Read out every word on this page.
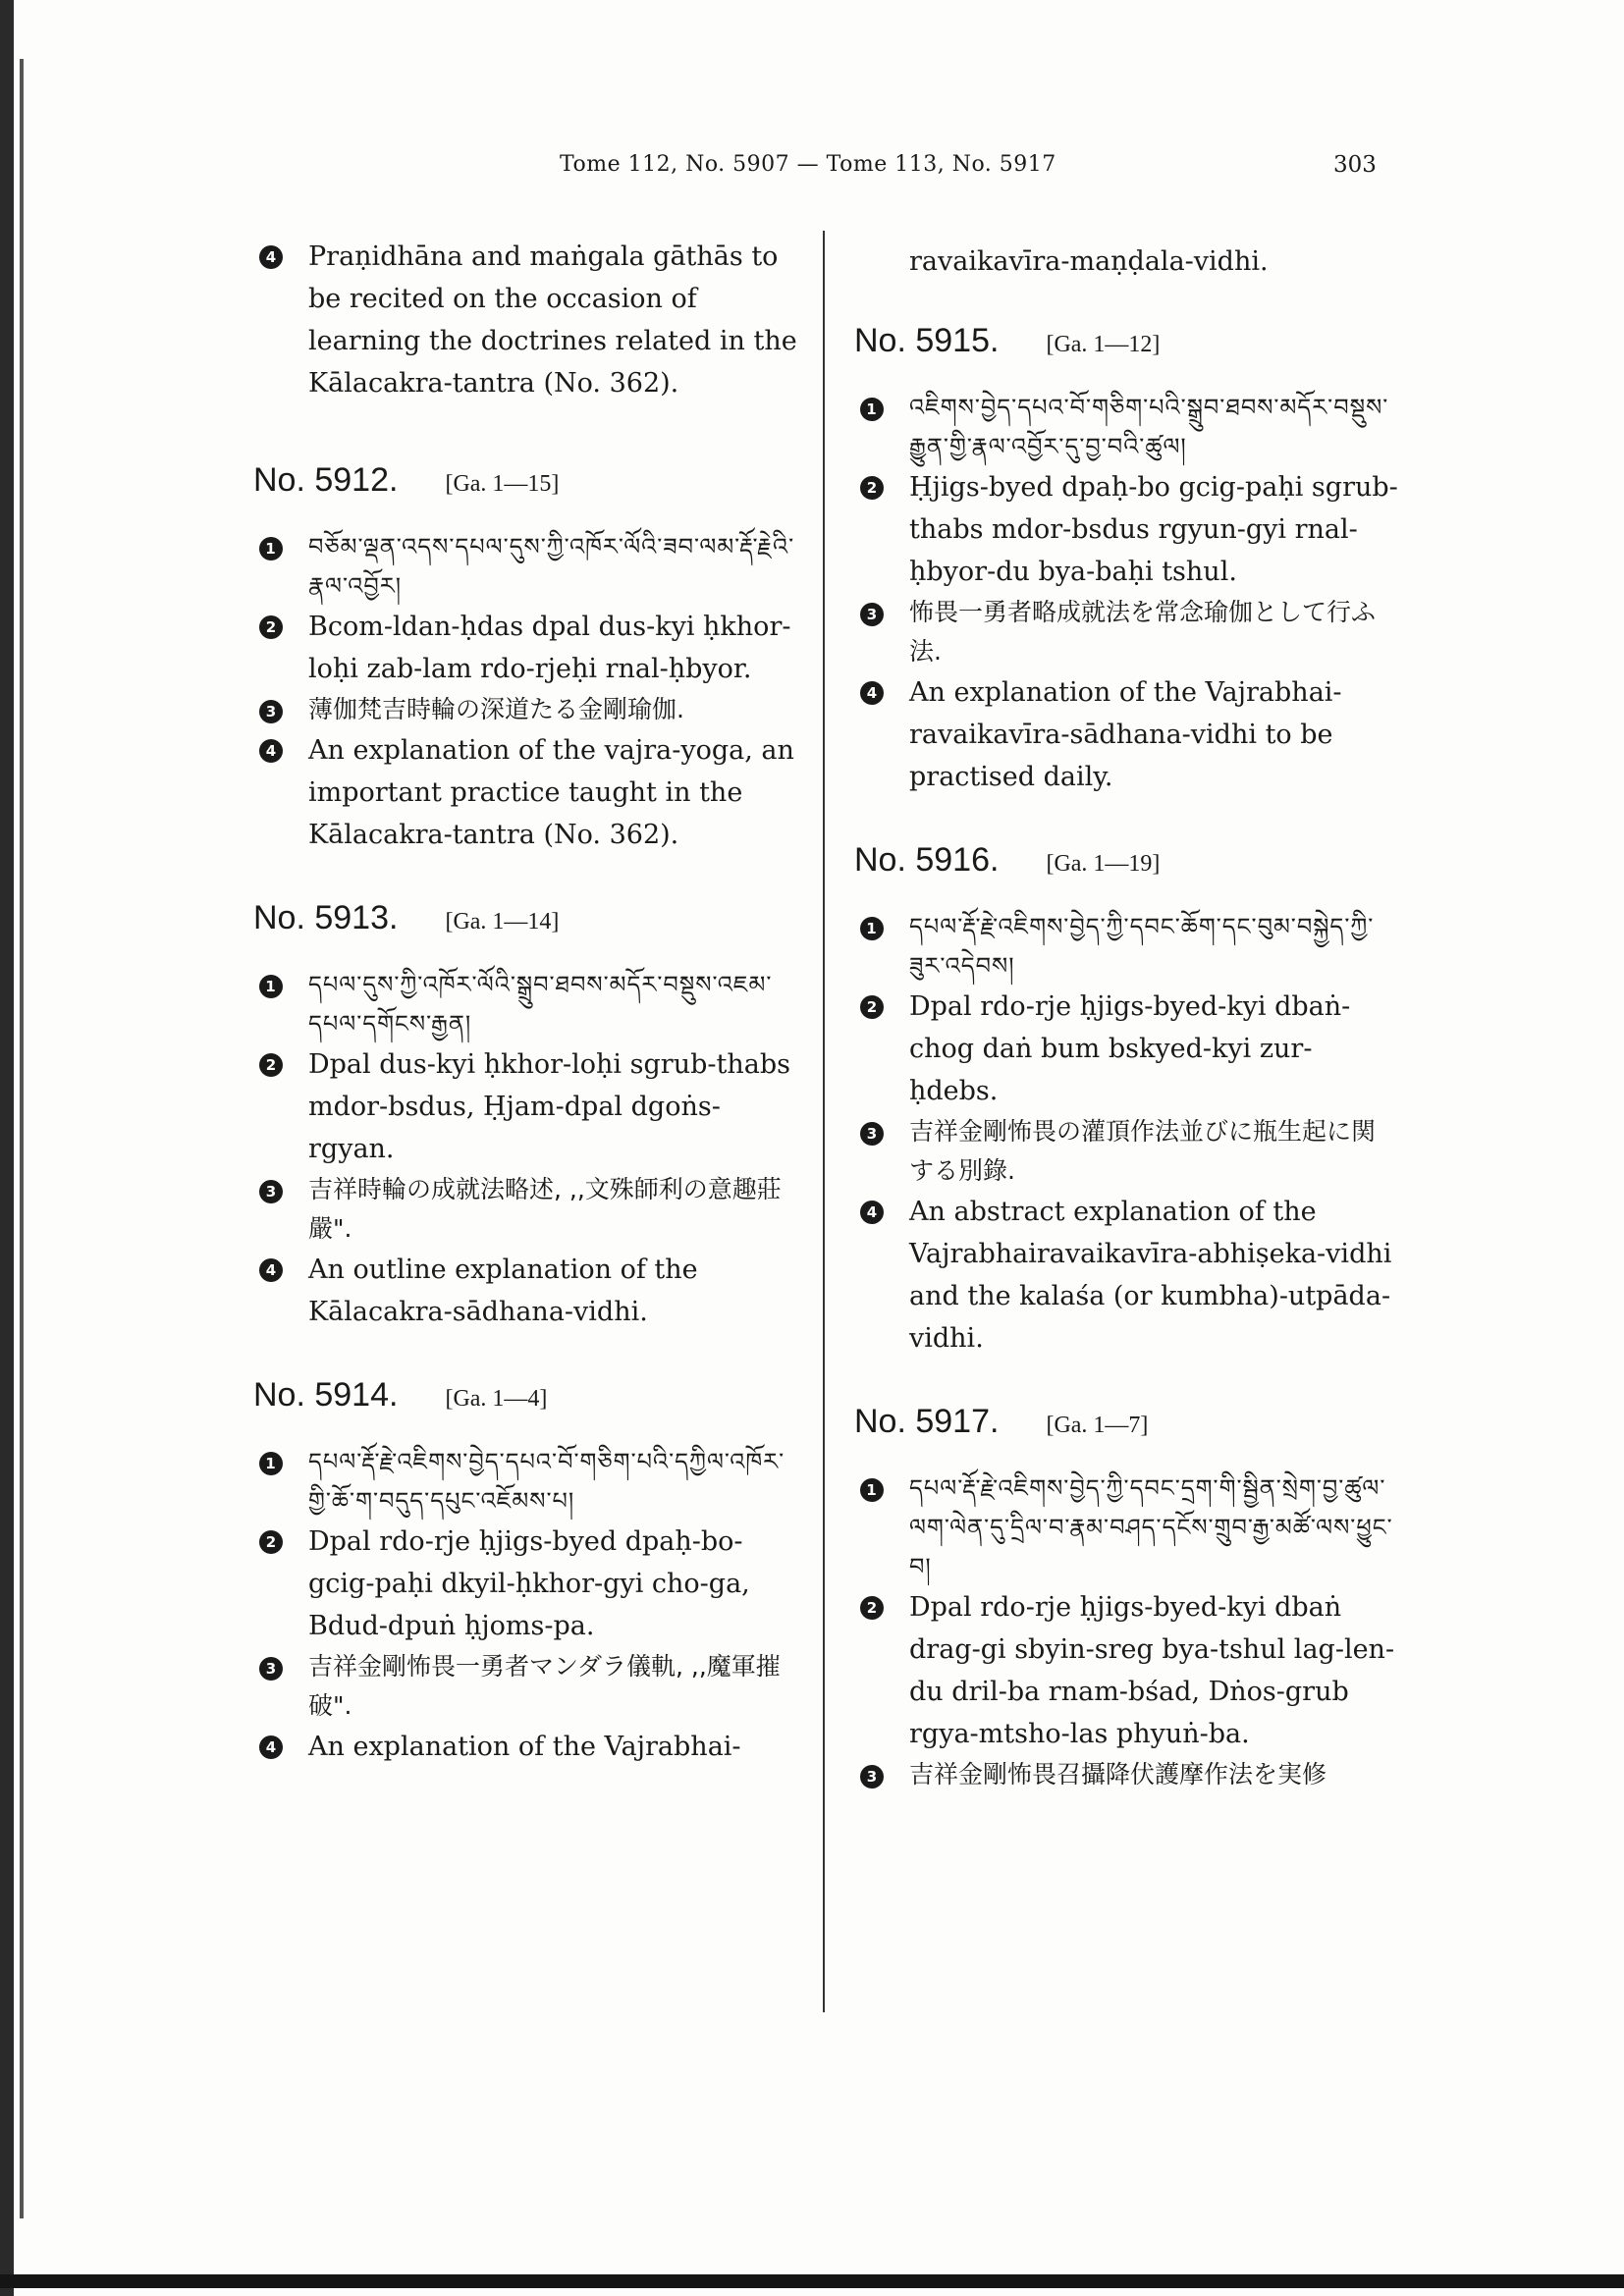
Tome 112, No. 5907 — Tome 113, No. 5917	303

4 Praṇidhāna and maṅgala gāthās to be recited on the occasion of learning the doctrines related in the Kālacakra-tantra (No. 362).

No. 5912. [Ga. 1—15]

1 བཅོམ་ལྡན་འདས་དཔལ་དུས་ཀྱི་འཁོར་ལོའི་ཟབ་ལམ་རྡོ་རྗེའི་རྣལ་འབྱོར།

2 Bcom-ldan-ḥdas dpal dus-kyi ḥkhor-loḥi zab-lam rdo-rjeḥi rnal-ḥbyor.

3 薄伽梵吉時輪の深道たる金剛瑜伽.

4 An explanation of the vajra-yoga, an important practice taught in the Kālacakra-tantra (No. 362).

No. 5913. [Ga. 1—14]

1 དཔལ་དུས་ཀྱི་འཁོར་ལོའི་སྒྲུབ་ཐབས་མདོར་བསྡུས་འཇམ་དཔལ་དགོངས་རྒྱན།

2 Dpal dus-kyi ḥkhor-loḥi sgrub-thabs mdor-bsdus, Ḥjam-dpal dgoṅs-rgyan.

3 吉祥時輪の成就法略述, ,,文殊師利の意趣莊嚴".

4 An outline explanation of the Kālacakra-sādhana-vidhi.

No. 5914. [Ga. 1—4]

1 དཔལ་རྡོ་རྗེ་འཇིགས་བྱེད་དཔའ་བོ་གཅིག་པའི་དཀྱིལ་འཁོར་གྱི་ཆོ་ག་བདུད་དཔུང་འཇོམས་པ།

2 Dpal rdo-rje ḥjigs-byed dpaḥ-bo-gcig-paḥi dkyil-ḥkhor-gyi cho-ga, Bdud-dpuṅ ḥjoms-pa.

3 吉祥金剛怖畏一勇者マンダラ儀軌, ,,魔軍摧破".

4 An explanation of the Vajrabhai-

ravaikavīra-maṇḍala-vidhi.

No. 5915. [Ga. 1—12]

1 འཇིགས་བྱེད་དཔའ་བོ་གཅིག་པའི་སྒྲུབ་ཐབས་མདོར་བསྡུས་རྒྱུན་གྱི་རྣལ་འབྱོར་དུ་བྱ་བའི་ཚུལ།

2 Ḥjigs-byed dpaḥ-bo gcig-paḥi sgrub-thabs mdor-bsdus rgyun-gyi rnal-ḥbyor-du bya-baḥi tshul.

3 怖畏一勇者略成就法を常念瑜伽として行ふ法.

4 An explanation of the Vajrabhai-ravaikavīra-sādhana-vidhi to be practised daily.

No. 5916. [Ga. 1—19]

1 དཔལ་རྡོ་རྗེ་འཇིགས་བྱེད་ཀྱི་དབང་ཆོག་དང་བུམ་བསྐྱེད་ཀྱི་ཟུར་འདེབས།

2 Dpal rdo-rje ḥjigs-byed-kyi dbaṅ-chog daṅ bum bskyed-kyi zur-ḥdebs.

3 吉祥金剛怖畏の灌頂作法並びに瓶生起に関する別錄.

4 An abstract explanation of the Vajrabhairavaikavīra-abhiṣeka-vidhi and the kalaśa (or kumbha)-utpāda-vidhi.

No. 5917. [Ga. 1—7]

1 དཔལ་རྡོ་རྗེ་འཇིགས་བྱེད་ཀྱི་དབང་དྲག་གི་སྦྱིན་སྲེག་བྱ་ཚུལ་ལག་ལེན་དུ་དྲིལ་བ་རྣམ་བཤད་དངོས་གྲུབ་རྒྱ་མཚོ་ལས་ཕྱུང་བ།

2 Dpal rdo-rje ḥjigs-byed-kyi dbaṅ drag-gi sbyin-sreg bya-tshul lag-len-du dril-ba rnam-bśad, Dṅos-grub rgya-mtsho-las phyuṅ-ba.

3 吉祥金剛怖畏召攝降伏護摩作法を実修
